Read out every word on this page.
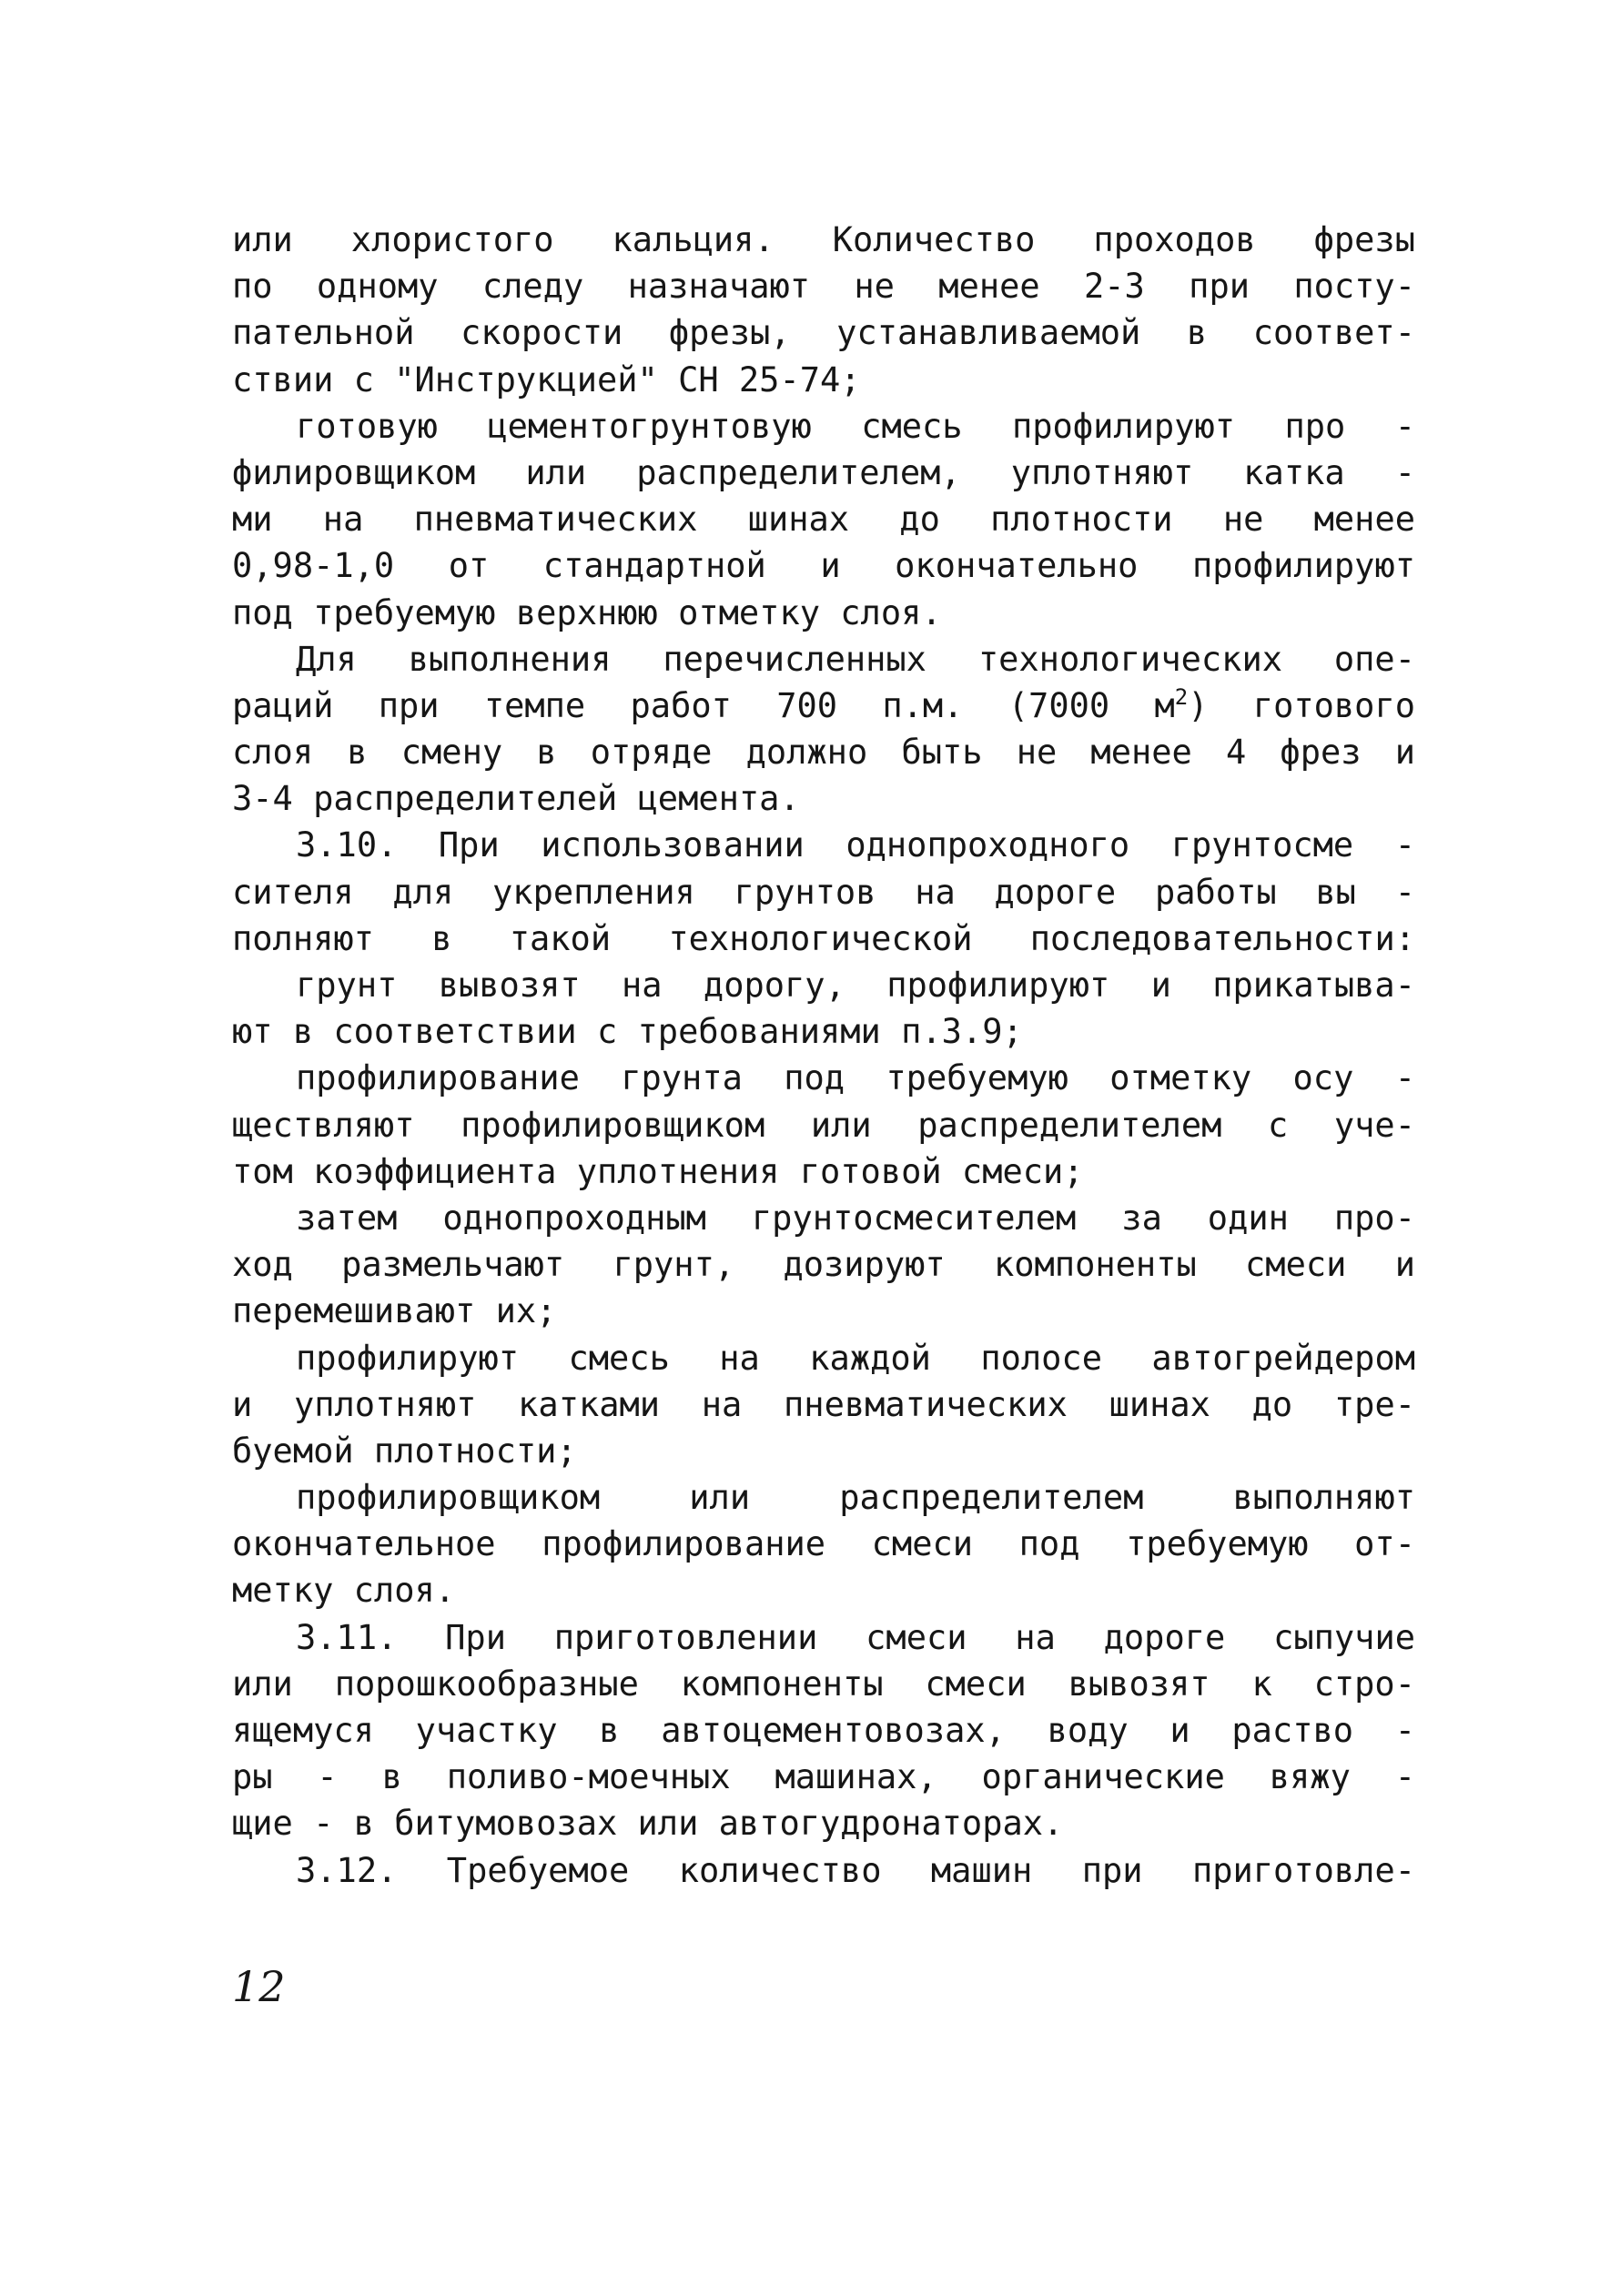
или хлористого кальция. Количество проходов фрезы
по одному следу назначают не менее 2-3 при посту-
пательной скорости фрезы, устанавливаемой в соответ-
ствии с "Инструкцией" СН 25-74;
готовую цементогрунтовую смесь профилируют про -
филировщиком или распределителем, уплотняют катка -
ми на пневматических шинах до плотности не менее
0,98-1,0 от стандартной и окончательно профилируют
под требуемую верхнюю отметку слоя.
Для выполнения перечисленных технологических опе-
раций при темпе работ 700 п.м. (7000 $м^2$) готового
слоя в смену в отряде должно быть не менее 4 фрез и
3-4 распределителей цемента.
3.10. При использовании однопроходного грунтосме -
сителя для укрепления грунтов на дороге работы вы -
полняют в такой технологической последовательности:
грунт вывозят на дорогу, профилируют и прикатыва-
ют в соответствии с требованиями п.3.9;
профилирование грунта под требуемую отметку осу -
ществляют профилировщиком или распределителем с уче-
том коэффициента уплотнения готовой смеси;
затем однопроходным грунтосмесителем за один про-
ход размельчают грунт, дозируют компоненты смеси и
перемешивают их;
профилируют смесь на каждой полосе автогрейдером
и уплотняют катками на пневматических шинах до тре-
буемой плотности;
профилировщиком или распределителем выполняют
окончательное профилирование смеси под требуемую от-
метку слоя.
3.11. При приготовлении смеси на дороге сыпучие
или порошкообразные компоненты смеси вывозят к стро-
ящемуся участку в автоцементовозах, воду и раство -
ры - в поливо-моечных машинах, органические вяжу -
щие - в битумовозах или автогудронаторах.
3.12. Требуемое количество машин при приготовле-
12
